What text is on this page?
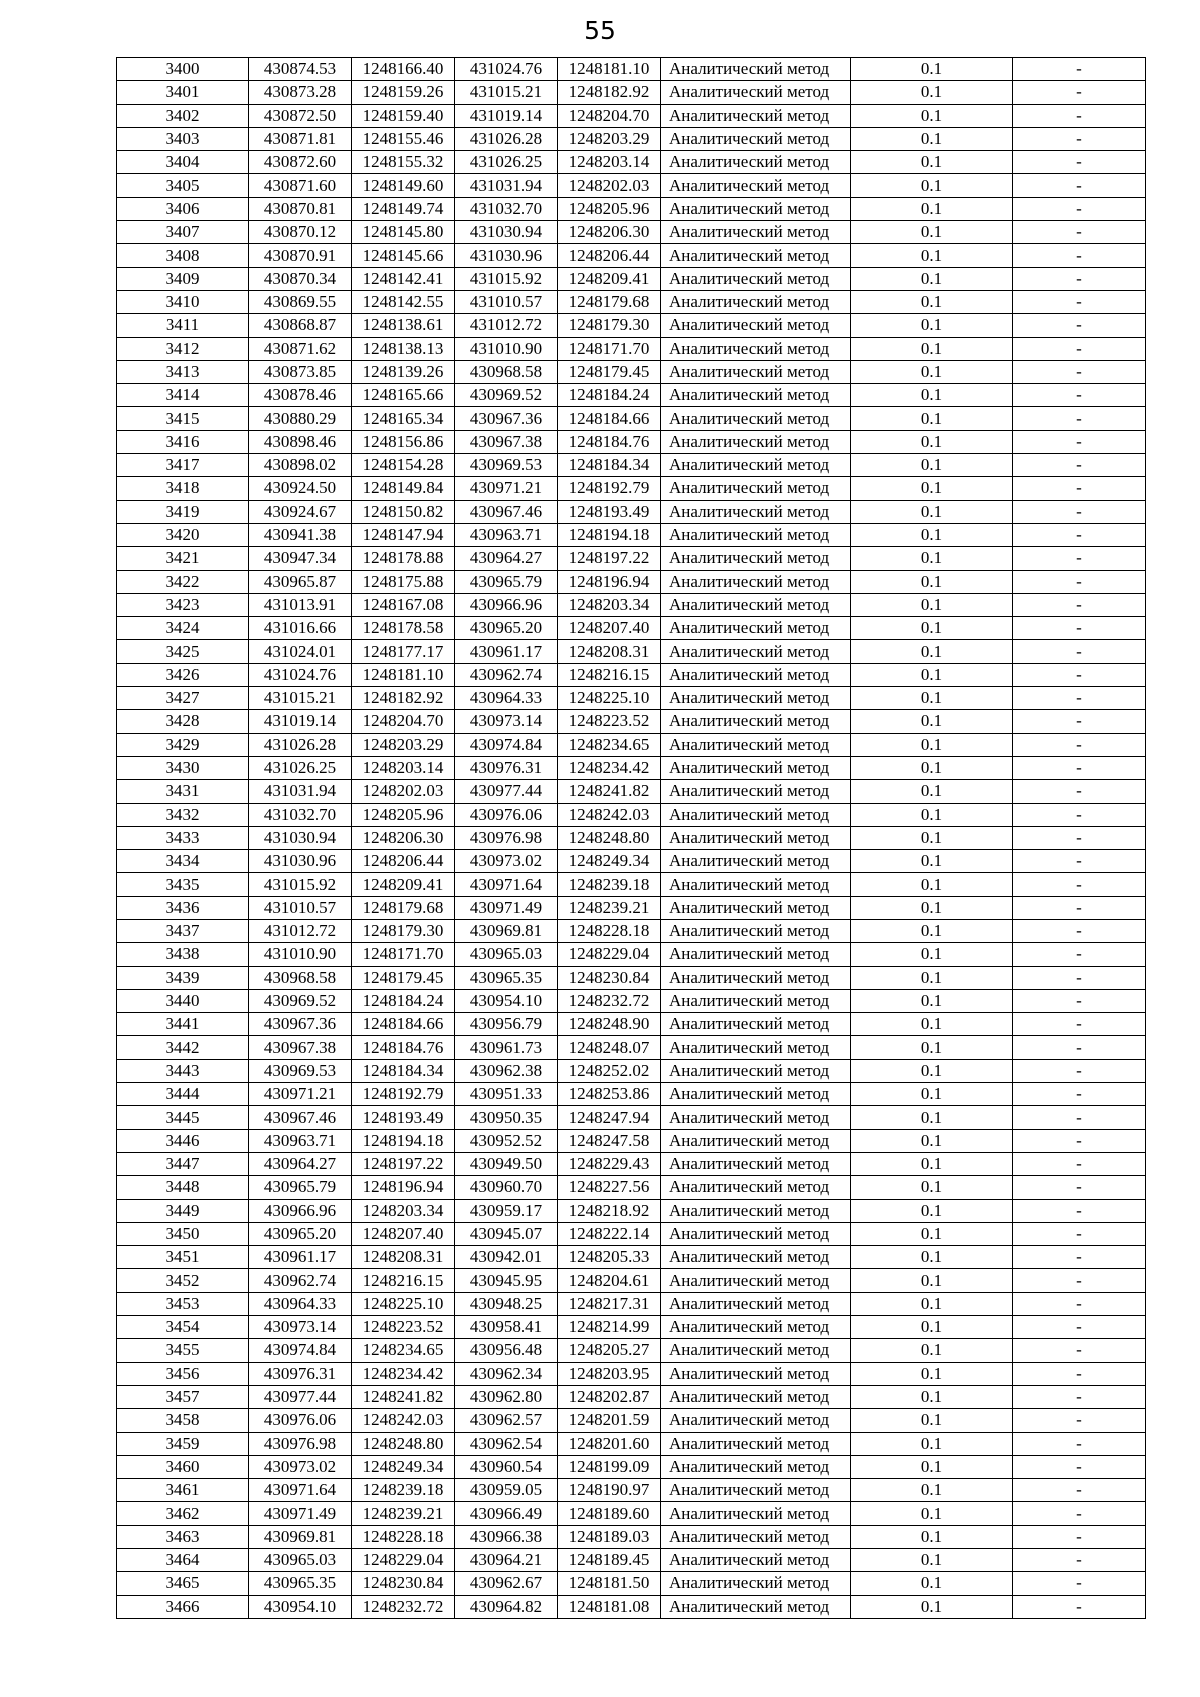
55
3400	430874.53	1248166.40	431024.76	1248181.10	Аналитический метод	0.1	-
3401	430873.28	1248159.26	431015.21	1248182.92	Аналитический метод	0.1	-
3402	430872.50	1248159.40	431019.14	1248204.70	Аналитический метод	0.1	-
3403	430871.81	1248155.46	431026.28	1248203.29	Аналитический метод	0.1	-
3404	430872.60	1248155.32	431026.25	1248203.14	Аналитический метод	0.1	-
3405	430871.60	1248149.60	431031.94	1248202.03	Аналитический метод	0.1	-
3406	430870.81	1248149.74	431032.70	1248205.96	Аналитический метод	0.1	-
3407	430870.12	1248145.80	431030.94	1248206.30	Аналитический метод	0.1	-
3408	430870.91	1248145.66	431030.96	1248206.44	Аналитический метод	0.1	-
3409	430870.34	1248142.41	431015.92	1248209.41	Аналитический метод	0.1	-
3410	430869.55	1248142.55	431010.57	1248179.68	Аналитический метод	0.1	-
3411	430868.87	1248138.61	431012.72	1248179.30	Аналитический метод	0.1	-
3412	430871.62	1248138.13	431010.90	1248171.70	Аналитический метод	0.1	-
3413	430873.85	1248139.26	430968.58	1248179.45	Аналитический метод	0.1	-
3414	430878.46	1248165.66	430969.52	1248184.24	Аналитический метод	0.1	-
3415	430880.29	1248165.34	430967.36	1248184.66	Аналитический метод	0.1	-
3416	430898.46	1248156.86	430967.38	1248184.76	Аналитический метод	0.1	-
3417	430898.02	1248154.28	430969.53	1248184.34	Аналитический метод	0.1	-
3418	430924.50	1248149.84	430971.21	1248192.79	Аналитический метод	0.1	-
3419	430924.67	1248150.82	430967.46	1248193.49	Аналитический метод	0.1	-
3420	430941.38	1248147.94	430963.71	1248194.18	Аналитический метод	0.1	-
3421	430947.34	1248178.88	430964.27	1248197.22	Аналитический метод	0.1	-
3422	430965.87	1248175.88	430965.79	1248196.94	Аналитический метод	0.1	-
3423	431013.91	1248167.08	430966.96	1248203.34	Аналитический метод	0.1	-
3424	431016.66	1248178.58	430965.20	1248207.40	Аналитический метод	0.1	-
3425	431024.01	1248177.17	430961.17	1248208.31	Аналитический метод	0.1	-
3426	431024.76	1248181.10	430962.74	1248216.15	Аналитический метод	0.1	-
3427	431015.21	1248182.92	430964.33	1248225.10	Аналитический метод	0.1	-
3428	431019.14	1248204.70	430973.14	1248223.52	Аналитический метод	0.1	-
3429	431026.28	1248203.29	430974.84	1248234.65	Аналитический метод	0.1	-
3430	431026.25	1248203.14	430976.31	1248234.42	Аналитический метод	0.1	-
3431	431031.94	1248202.03	430977.44	1248241.82	Аналитический метод	0.1	-
3432	431032.70	1248205.96	430976.06	1248242.03	Аналитический метод	0.1	-
3433	431030.94	1248206.30	430976.98	1248248.80	Аналитический метод	0.1	-
3434	431030.96	1248206.44	430973.02	1248249.34	Аналитический метод	0.1	-
3435	431015.92	1248209.41	430971.64	1248239.18	Аналитический метод	0.1	-
3436	431010.57	1248179.68	430971.49	1248239.21	Аналитический метод	0.1	-
3437	431012.72	1248179.30	430969.81	1248228.18	Аналитический метод	0.1	-
3438	431010.90	1248171.70	430965.03	1248229.04	Аналитический метод	0.1	-
3439	430968.58	1248179.45	430965.35	1248230.84	Аналитический метод	0.1	-
3440	430969.52	1248184.24	430954.10	1248232.72	Аналитический метод	0.1	-
3441	430967.36	1248184.66	430956.79	1248248.90	Аналитический метод	0.1	-
3442	430967.38	1248184.76	430961.73	1248248.07	Аналитический метод	0.1	-
3443	430969.53	1248184.34	430962.38	1248252.02	Аналитический метод	0.1	-
3444	430971.21	1248192.79	430951.33	1248253.86	Аналитический метод	0.1	-
3445	430967.46	1248193.49	430950.35	1248247.94	Аналитический метод	0.1	-
3446	430963.71	1248194.18	430952.52	1248247.58	Аналитический метод	0.1	-
3447	430964.27	1248197.22	430949.50	1248229.43	Аналитический метод	0.1	-
3448	430965.79	1248196.94	430960.70	1248227.56	Аналитический метод	0.1	-
3449	430966.96	1248203.34	430959.17	1248218.92	Аналитический метод	0.1	-
3450	430965.20	1248207.40	430945.07	1248222.14	Аналитический метод	0.1	-
3451	430961.17	1248208.31	430942.01	1248205.33	Аналитический метод	0.1	-
3452	430962.74	1248216.15	430945.95	1248204.61	Аналитический метод	0.1	-
3453	430964.33	1248225.10	430948.25	1248217.31	Аналитический метод	0.1	-
3454	430973.14	1248223.52	430958.41	1248214.99	Аналитический метод	0.1	-
3455	430974.84	1248234.65	430956.48	1248205.27	Аналитический метод	0.1	-
3456	430976.31	1248234.42	430962.34	1248203.95	Аналитический метод	0.1	-
3457	430977.44	1248241.82	430962.80	1248202.87	Аналитический метод	0.1	-
3458	430976.06	1248242.03	430962.57	1248201.59	Аналитический метод	0.1	-
3459	430976.98	1248248.80	430962.54	1248201.60	Аналитический метод	0.1	-
3460	430973.02	1248249.34	430960.54	1248199.09	Аналитический метод	0.1	-
3461	430971.64	1248239.18	430959.05	1248190.97	Аналитический метод	0.1	-
3462	430971.49	1248239.21	430966.49	1248189.60	Аналитический метод	0.1	-
3463	430969.81	1248228.18	430966.38	1248189.03	Аналитический метод	0.1	-
3464	430965.03	1248229.04	430964.21	1248189.45	Аналитический метод	0.1	-
3465	430965.35	1248230.84	430962.67	1248181.50	Аналитический метод	0.1	-
3466	430954.10	1248232.72	430964.82	1248181.08	Аналитический метод	0.1	-
